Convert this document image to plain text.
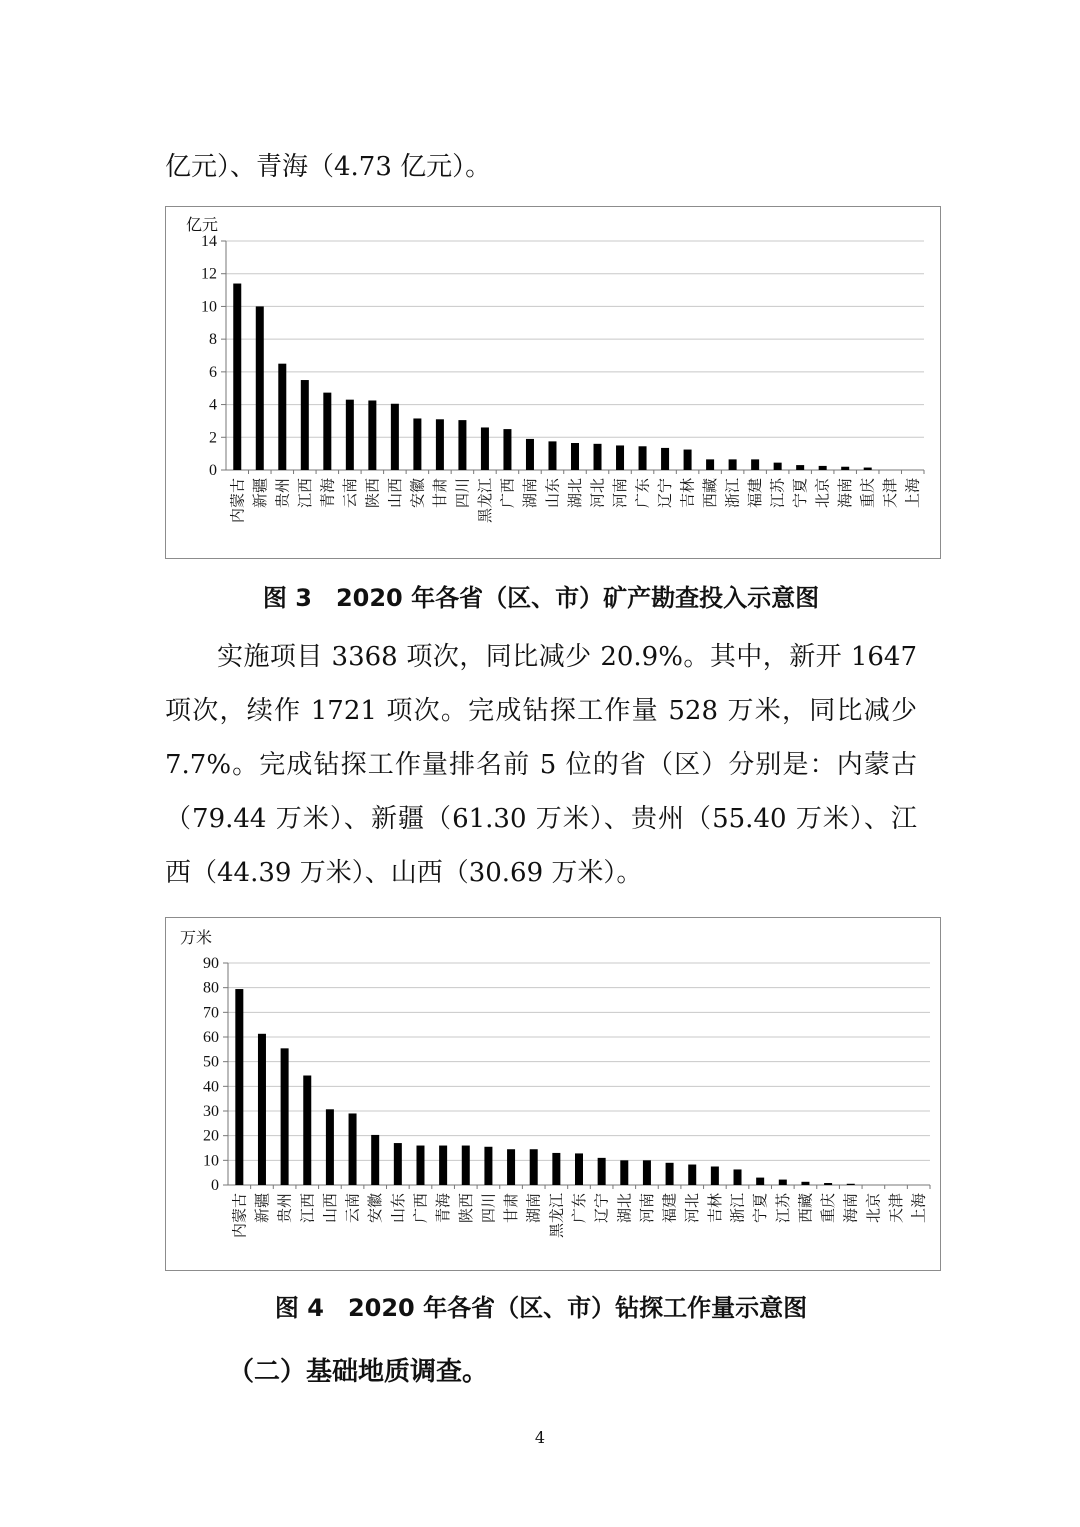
亿元）、青海（4.73 亿元）。

亿元
0
2
4
6
8
10
12
14
内蒙古 新疆 贵州 江西 青海 云南 陕西 山西 安徽 甘肃 四川 黑龙江 广西 湖南 山东 湖北 河北 河南 广东 辽宁 吉林 西藏 浙江 福建 江苏 宁夏 北京 海南 重庆 天津 上海
图 3　2020 年各省（区、市）矿产勘查投入示意图

实施项目 3368 项次，同比减少 20.9%。其中，新开 1647 项次，续作 1721 项次。完成钻探工作量 528 万米，同比减少 7.7%。完成钻探工作量排名前 5 位的省（区）分别是：内蒙古（79.44 万米）、新疆（61.30 万米）、贵州（55.40 万米）、江西（44.39 万米）、山西（30.69 万米）。

万米
0
10
20
30
40
50
60
70
80
90
内蒙古 新疆 贵州 江西 山西 云南 安徽 山东 广西 青海 陕西 四川 甘肃 湖南 黑龙江 广东 辽宁 湖北 河南 福建 河北 吉林 浙江 宁夏 江苏 西藏 重庆 海南 北京 天津 上海
图 4　2020 年各省（区、市）钻探工作量示意图
（二）基础地质调查。
4
